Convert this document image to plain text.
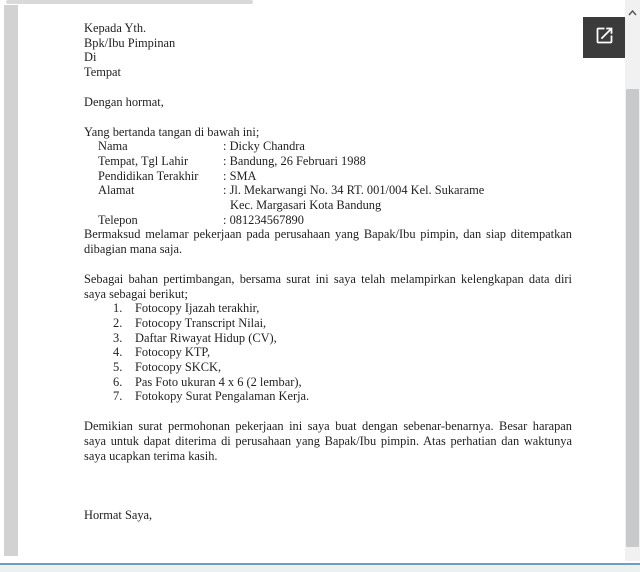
Kepada Yth.
Bpk/Ibu Pimpinan
Di
Tempat
Dengan hormat,
Yang bertanda tangan di bawah ini;
Nama	: Dicky Chandra
Tempat, Tgl Lahir	: Bandung, 26 Februari 1988
Pendidikan Terakhir : SMA
Alamat	: Jl. Mekarwangi No. 34 RT. 001/004 Kel. Sukarame
Kec. Margasari Kota Bandung
Telepon	: 081234567890
Bermaksud melamar pekerjaan pada perusahaan yang Bapak/Ibu pimpin, dan siap ditempatkan dibagian mana saja.
Sebagai bahan pertimbangan, bersama surat ini saya telah melampirkan kelengkapan data diri saya sebagai berikut;
1. Fotocopy Ijazah terakhir,
2. Fotocopy Transcript Nilai,
3. Daftar Riwayat Hidup (CV),
4. Fotocopy KTP,
5. Fotocopy SKCK,
6. Pas Foto ukuran 4 x 6 (2 lembar),
7. Fotokopy Surat Pengalaman Kerja.
Demikian surat permohonan pekerjaan ini saya buat dengan sebenar-benarnya. Besar harapan saya untuk dapat diterima di perusahaan yang Bapak/Ibu pimpin. Atas perhatian dan waktunya saya ucapkan terima kasih.
Hormat Saya,
